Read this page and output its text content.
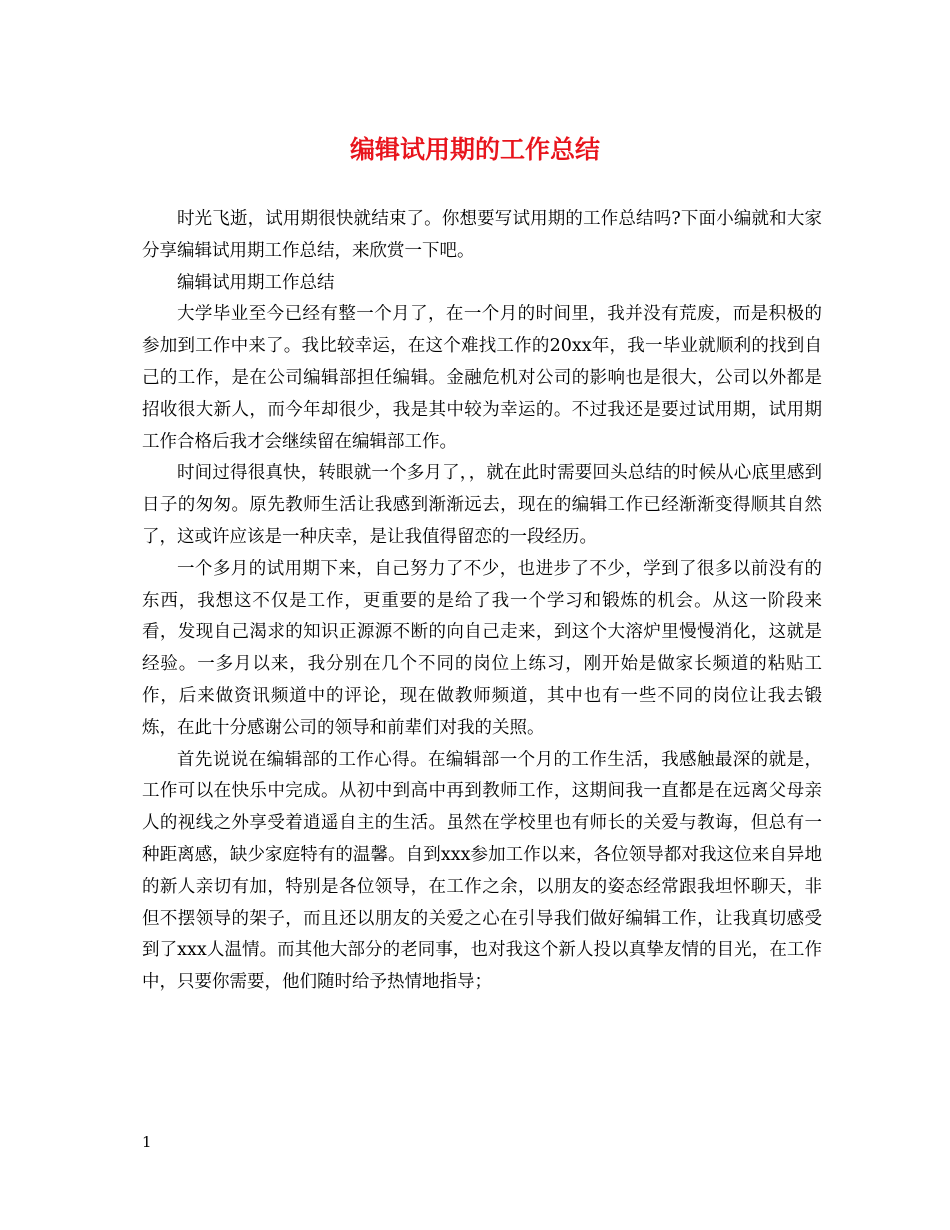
编辑试用期的工作总结

时光飞逝，试用期很快就结束了。你想要写试用期的工作总结吗?下面小编就和大家分享编辑试用期工作总结，来欣赏一下吧。

编辑试用期工作总结

大学毕业至今已经有整一个月了，在一个月的时间里，我并没有荒废，而是积极的参加到工作中来了。我比较幸运，在这个难找工作的20xx年，我一毕业就顺利的找到自己的工作，是在公司编辑部担任编辑。金融危机对公司的影响也是很大，公司以外都是招收很大新人，而今年却很少，我是其中较为幸运的。不过我还是要过试用期，试用期工作合格后我才会继续留在编辑部工作。

时间过得很真快，转眼就一个多月了，，就在此时需要回头总结的时候从心底里感到日子的匆匆。原先教师生活让我感到渐渐远去，现在的编辑工作已经渐渐变得顺其自然了，这或许应该是一种庆幸，是让我值得留恋的一段经历。

一个多月的试用期下来，自己努力了不少，也进步了不少，学到了很多以前没有的东西，我想这不仅是工作，更重要的是给了我一个学习和锻炼的机会。从这一阶段来看，发现自己渴求的知识正源源不断的向自己走来，到这个大溶炉里慢慢消化，这就是经验。一多月以来，我分别在几个不同的岗位上练习，刚开始是做家长频道的粘贴工作，后来做资讯频道中的评论，现在做教师频道，其中也有一些不同的岗位让我去锻炼，在此十分感谢公司的领导和前辈们对我的关照。

首先说说在编辑部的工作心得。在编辑部一个月的工作生活，我感触最深的就是，工作可以在快乐中完成。从初中到高中再到教师工作，这期间我一直都是在远离父母亲人的视线之外享受着逍遥自主的生活。虽然在学校里也有师长的关爱与教诲，但总有一种距离感，缺少家庭特有的温馨。自到xxx参加工作以来，各位领导都对我这位来自异地的新人亲切有加，特别是各位领导，在工作之余，以朋友的姿态经常跟我坦怀聊天，非但不摆领导的架子，而且还以朋友的关爱之心在引导我们做好编辑工作，让我真切感受到了xxx人温情。而其他大部分的老同事，也对我这个新人投以真挚友情的目光，在工作中，只要你需要，他们随时给予热情地指导；

1
